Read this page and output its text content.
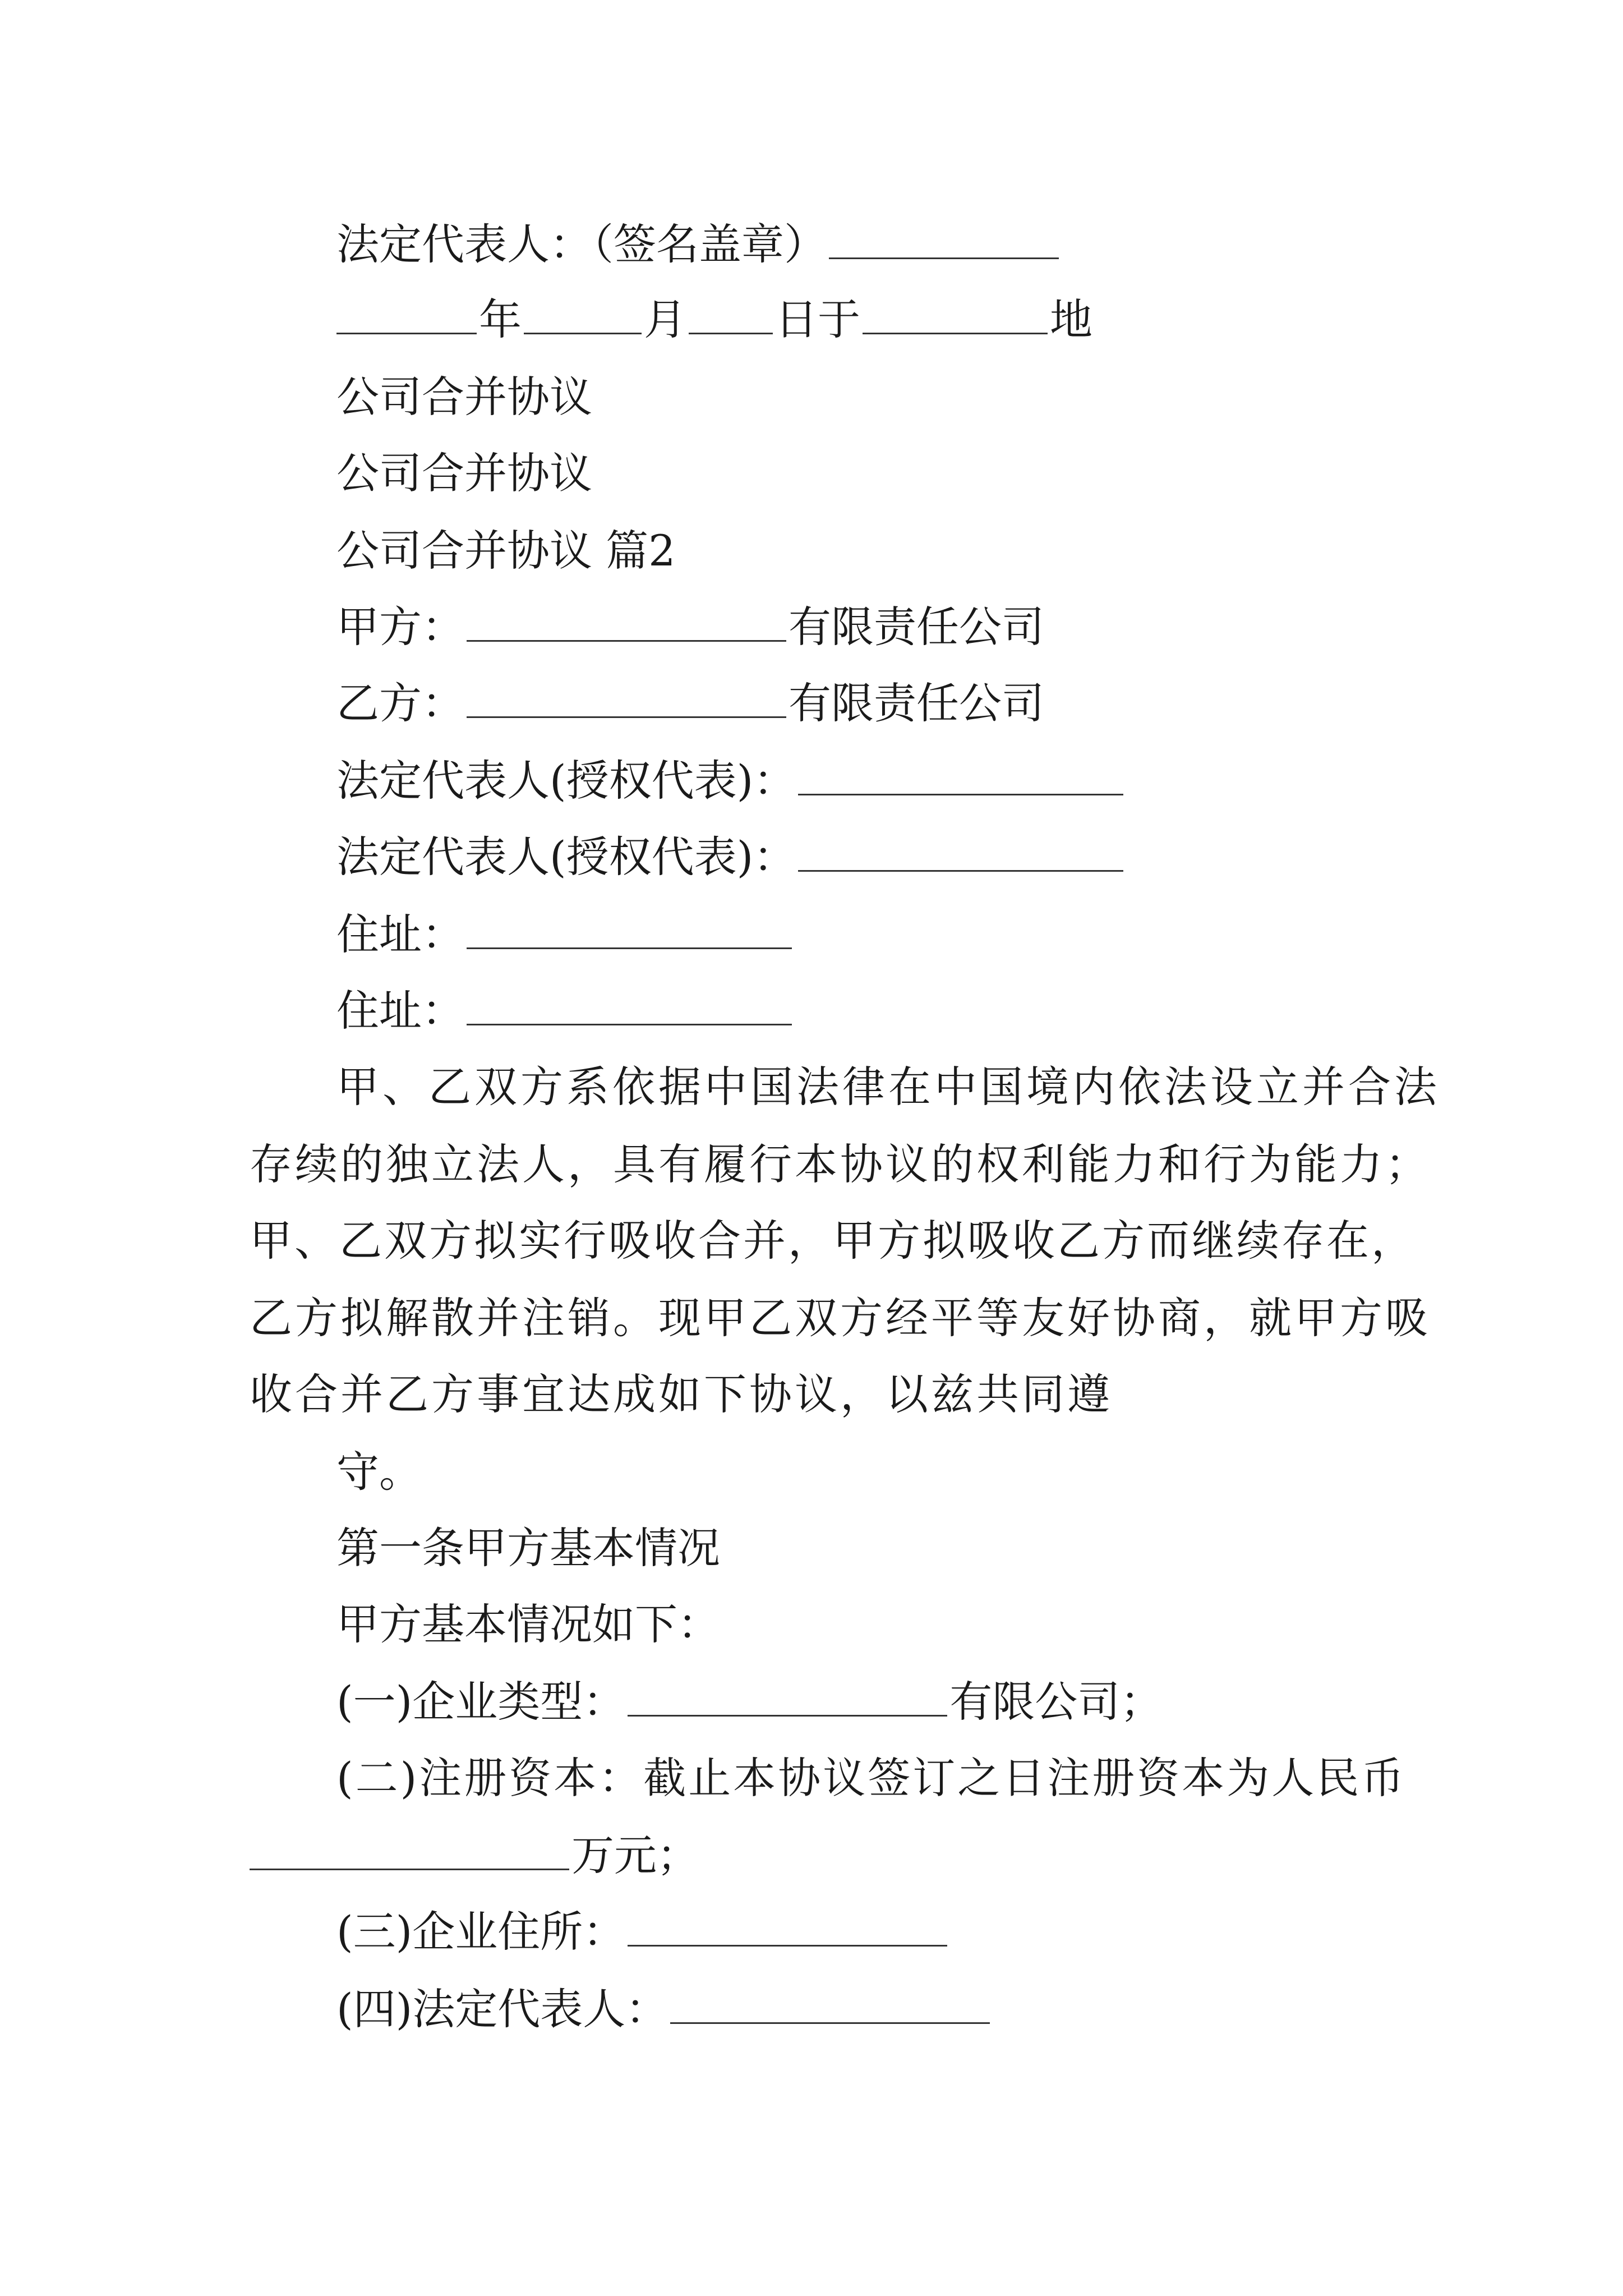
法定代表人：（签名盖章）
年	月 日于	地
公司合并协议
公司合并协议
公司合并协议 篇2
甲方：	有限责任公司
乙方：	有限责任公司
法定代表人(授权代表)：
法定代表人(授权代表)：
住址：
住址：
甲、乙双方系依据中国法律在中国境内依法设立并合法
存续的独立法人，具有履行本协议的权利能力和行为能力；
甲、乙双方拟实行吸收合并，甲方拟吸收乙方而继续存在，
乙方拟解散并注销。现甲乙双方经平等友好协商，就甲方吸
收合并乙方事宜达成如下协议，以兹共同遵
守。
第一条甲方基本情况
甲方基本情况如下：
(一)企业类型：	有限公司；
(二)注册资本：截止本协议签订之日注册资本为人民币
万元；
(三)企业住所：
(四)法定代表人：
